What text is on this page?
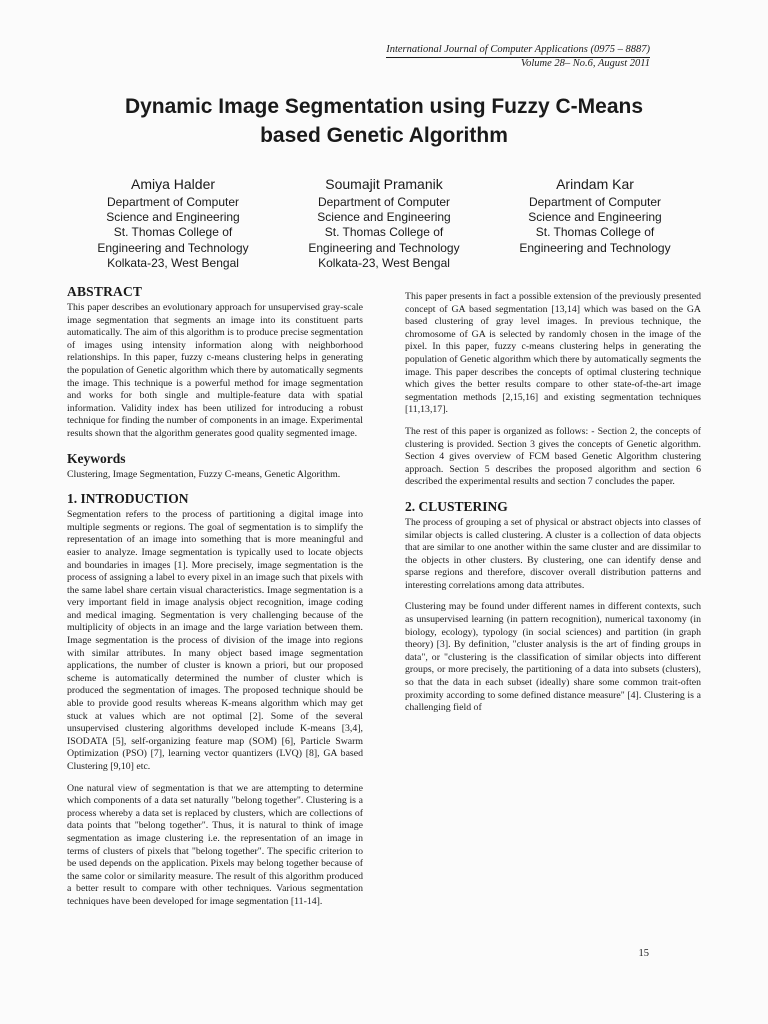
International Journal of Computer Applications (0975 – 8887)
Volume 28– No.6, August 2011
Dynamic Image Segmentation using Fuzzy C-Means
based Genetic Algorithm
Amiya Halder
Department of Computer
Science and Engineering
St. Thomas College of
Engineering and Technology
Kolkata-23, West Bengal
Soumajit Pramanik
Department of Computer
Science and Engineering
St. Thomas College of
Engineering and Technology
Kolkata-23, West Bengal
Arindam Kar
Department of Computer
Science and Engineering
St. Thomas College of
Engineering and Technology
ABSTRACT

This paper describes an evolutionary approach for unsupervised gray-scale image segmentation that segments an image into its constituent parts automatically. The aim of this algorithm is to produce precise segmentation of images using intensity information along with neighborhood relationships. In this paper, fuzzy c-means clustering helps in generating the population of Genetic algorithm which there by automatically segments the image. This technique is a powerful method for image segmentation and works for both single and multiple-feature data with spatial information. Validity index has been utilized for introducing a robust technique for finding the number of components in an image. Experimental results shown that the algorithm generates good quality segmented image.

Keywords

Clustering, Image Segmentation, Fuzzy C-means, Genetic Algorithm.

1. INTRODUCTION

Segmentation refers to the process of partitioning a digital image into multiple segments or regions. The goal of segmentation is to simplify the representation of an image into something that is more meaningful and easier to analyze. Image segmentation is typically used to locate objects and boundaries in images [1]. More precisely, image segmentation is the process of assigning a label to every pixel in an image such that pixels with the same label share certain visual characteristics. Image segmentation is a very important field in image analysis object recognition, image coding and medical imaging. Segmentation is very challenging because of the multiplicity of objects in an image and the large variation between them. Image segmentation is the process of division of the image into regions with similar attributes. In many object based image segmentation applications, the number of cluster is known a priori, but our proposed scheme is automatically determined the number of cluster which is produced the segmentation of images. The proposed technique should be able to provide good results whereas K-means algorithm which may get stuck at values which are not optimal [2]. Some of the several unsupervised clustering algorithms developed include K-means [3,4], ISODATA [5], self-organizing feature map (SOM) [6], Particle Swarm Optimization (PSO) [7], learning vector quantizers (LVQ) [8], GA based Clustering [9,10] etc.

One natural view of segmentation is that we are attempting to determine which components of a data set naturally "belong together". Clustering is a process whereby a data set is replaced by clusters, which are collections of data points that "belong together". Thus, it is natural to think of image segmentation as image clustering i.e. the representation of an image in terms of clusters of pixels that "belong together". The specific criterion to be used depends on the application. Pixels may belong together because of the same color or similarity measure. The result of this algorithm produced a better result to compare with other techniques. Various segmentation techniques have been developed for image segmentation [11-14].

This paper presents in fact a possible extension of the previously presented concept of GA based segmentation [13,14] which was based on the GA based clustering of gray level images. In previous technique, the chromosome of GA is selected by randomly chosen in the image of the pixel. In this paper, fuzzy c-means clustering helps in generating the population of Genetic algorithm which there by automatically segments the image. This paper describes the concepts of optimal clustering technique which gives the better results compare to other state-of-the-art image segmentation methods [2,15,16] and existing segmentation techniques [11,13,17].

The rest of this paper is organized as follows: - Section 2, the concepts of clustering is provided. Section 3 gives the concepts of Genetic algorithm. Section 4 gives overview of FCM based Genetic Algorithm clustering approach. Section 5 describes the proposed algorithm and section 6 described the experimental results and section 7 concludes the paper.

2. CLUSTERING

The process of grouping a set of physical or abstract objects into classes of similar objects is called clustering. A cluster is a collection of data objects that are similar to one another within the same cluster and are dissimilar to the objects in other clusters. By clustering, one can identify dense and sparse regions and therefore, discover overall distribution patterns and interesting correlations among data attributes.

Clustering may be found under different names in different contexts, such as unsupervised learning (in pattern recognition), numerical taxonomy (in biology, ecology), typology (in social sciences) and partition (in graph theory) [3]. By definition, "cluster analysis is the art of finding groups in data", or "clustering is the classification of similar objects into different groups, or more precisely, the partitioning of a data into subsets (clusters), so that the data in each subset (ideally) share some common trait-often proximity according to some defined distance measure" [4]. Clustering is a challenging field of

15
